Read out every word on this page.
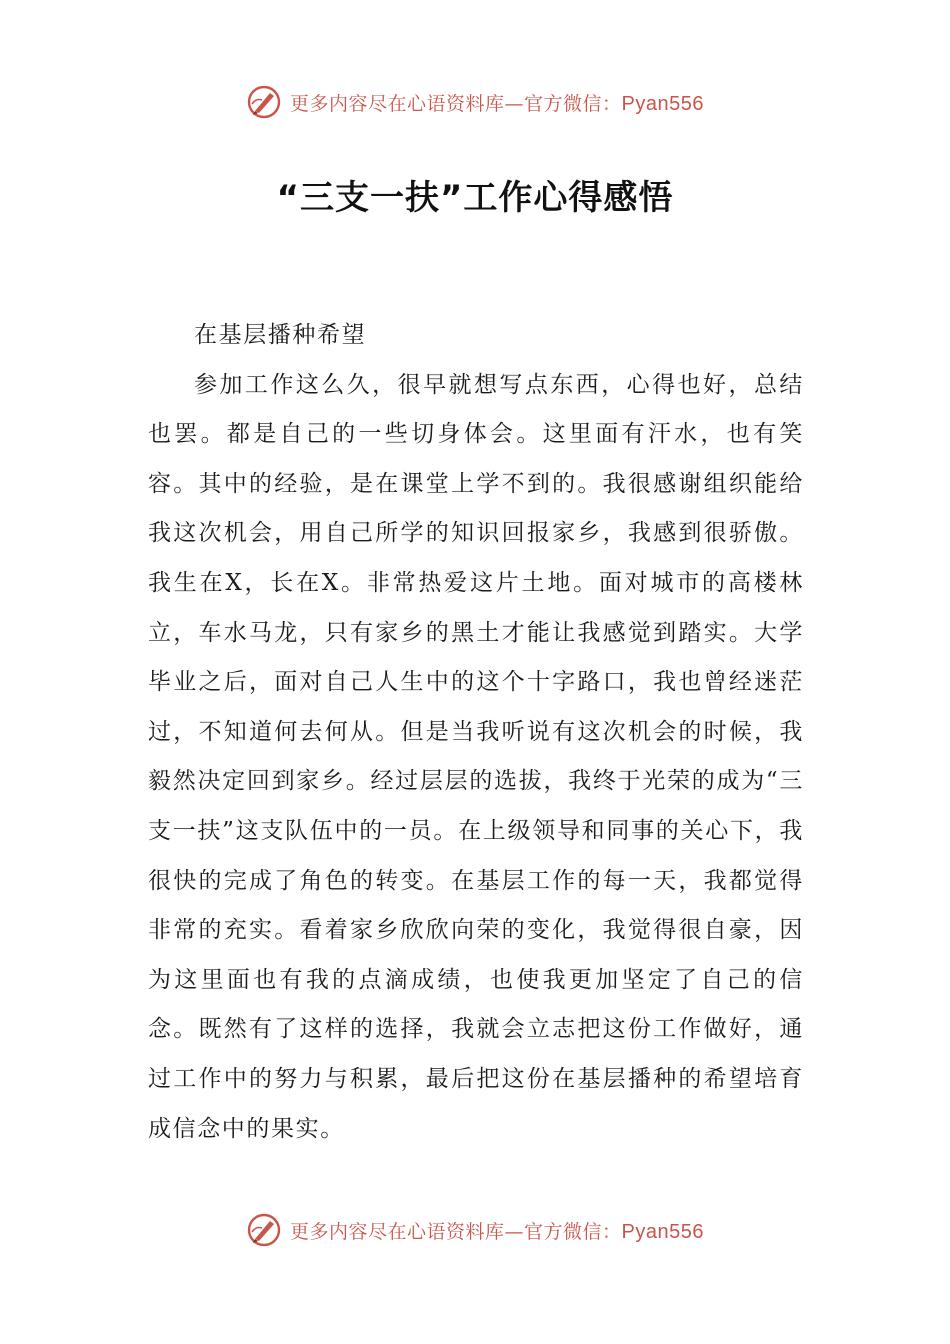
更多内容尽在心语资料库—官方微信：Pyan556
“三支一扶”工作心得感悟

在基层播种希望

参加工作这么久，很早就想写点东西，心得也好，总结也罢。都是自己的一些切身体会。这里面有汗水，也有笑容。其中的经验，是在课堂上学不到的。我很感谢组织能给我这次机会，用自己所学的知识回报家乡，我感到很骄傲。我生在X，长在X。非常热爱这片土地。面对城市的高楼林立，车水马龙，只有家乡的黑土才能让我感觉到踏实。大学毕业之后，面对自己人生中的这个十字路口，我也曾经迷茫过，不知道何去何从。但是当我听说有这次机会的时候，我毅然决定回到家乡。经过层层的选拔，我终于光荣的成为“三支一扶”这支队伍中的一员。在上级领导和同事的关心下，我很快的完成了角色的转变。在基层工作的每一天，我都觉得非常的充实。看着家乡欣欣向荣的变化，我觉得很自豪，因为这里面也有我的点滴成绩，也使我更加坚定了自己的信念。既然有了这样的选择，我就会立志把这份工作做好，通过工作中的努力与积累，最后把这份在基层播种的希望培育成信念中的果实。

更多内容尽在心语资料库—官方微信：Pyan556
